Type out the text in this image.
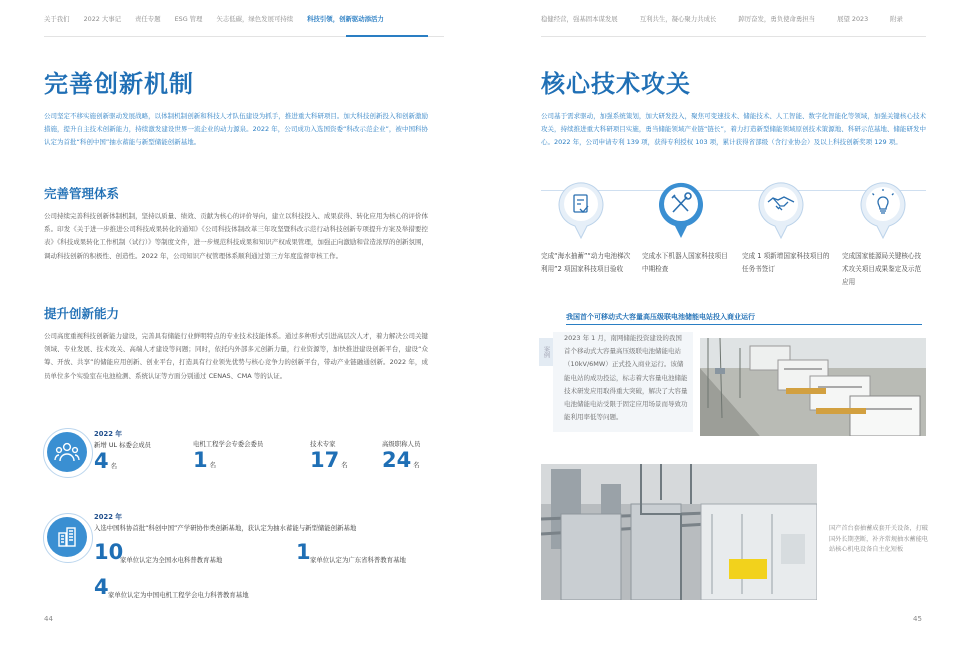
关于我们 2022 大事记 责任专题 ESG 管理 矢志低碳，绿色发展可持续 科技引领，创新驱动添活力	稳健经营，强基固本谋发展	互利共生，凝心聚力共成长	踔厉奋发，勇负使命勇担当	展望 2023	附录
完善创新机制
公司坚定不移实施创新驱动发展战略，以体制机制创新和科技人才队伍建设为抓手，推进重大科研项目。加大科技创新投入和创新激励措施，提升自主技术创新能力，持续激发建设世界一流企业的动力源泉。2022 年，公司成功入选国资委“科改示范企业”，被中国科协认定为首批“科创中国”抽水蓄能与新型储能创新基地。
完善管理体系
公司持续完善科技创新体制机制，坚持以质量、绩效、贡献为核心的评价导向，建立以科技投入、成果获得、转化应用为核心的评价体系。印发《关于进一步推进公司科技成果转化的通知》《公司科技体制改革三年攻坚暨科改示范行动科技创新专项提升方案及举措要控表》《科技成果转化工作机制（试行）》等制度文件，进一步规范科技成果和知识产权成果管理，加强正向激励和营造浓厚的创新氛围，调动科技创新的积极性、创造性。2022 年，公司知识产权管理体系顺利通过第三方年度监督审核工作。
提升创新能力
公司高度重视科技创新能力建设，完善具有储能行业鲜明特点的专业技术技能体系。通过多种形式引进高层次人才，着力解决公司关键领域、专业发展、技术攻关、高端人才建设等问题；同时，依托内外部多元创新力量，行业资源等，加快推进建设创新平台，建设“众筹、开放、共享”的储能应用创新、创业平台，打造具有行业领先优势与核心竞争力的创新平台，带动产业链融通创新。2022 年，成员单位多个实验室在电池检测、系统认证等方面分别通过 CENAS、CMA 等的认证。
2022 年
新增 UL 标委会成员
4 名
电机工程学会专委会委员
1 名
技术专家
17 名
高级职称人员
24 名
2022 年
入选中国科协首批“科创中国”产学研协作类创新基地，获认定为抽水蓄能与新型储能创新基地
10
家单位认定为全国水电科普教育基地	1 家单位认定为广东省科普教育基地
4 家单位认定为中国电机工程学会电力科普教育基地
44
核心技术攻关
公司基于需求驱动，加强系统策划，加大研发投入，聚焦可变速技术、储能技术、人工智能、数字化智能化等领域，加强关键核心技术攻关，持续推进重大科研项目实施，勇当储能领域产业链“链长”，着力打造新型储能领域原创技术策源地、科研示范基地、储能研发中心。2022 年，公司申请专利 139 项，获得专利授权 103 项，累计获得省部级（含行业协会）及以上科技创新奖项 129 项。
完成“海水抽蓄”“动力电池梯次利用”2 项国家科技项目验收
完成水下机器人国家科技项目中期检查
完成 1 项新增国家科技项目的任务书签订
完成国家能源局关键核心技术攻关项目成果鉴定及示范应用
我国首个可移动式大容量高压级联电池储能电站投入商业运行
案例
2023 年 1 月，南网储能投资建设的我国首个移动式大容量高压级联电池储能电站（10kV/6MW）正式投入商业运行。该储能电站的成功投运，标志着大容量电池储能技术研发应用取得重大突破，解决了大容量电池储能电站受限于固定应用场景而导致功能利用率低等问题。
国产首台套抽蓄成套开关设备，打破国外长期垄断，补齐常规抽水蓄能电站核心机电设备自主化短板
45
